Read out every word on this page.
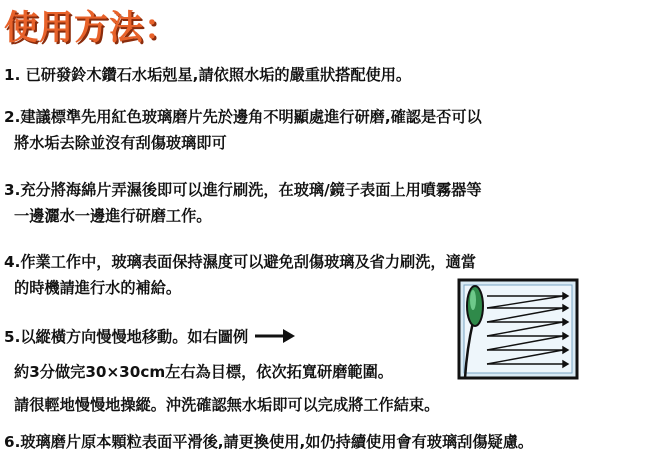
使用方法：
1. 已研發鈴木鑽石水垢剋星,請依照水垢的嚴重狀搭配使用。
2.建議標準先用紅色玻璃磨片先於邊角不明顯處進行研磨,確認是否可以
將水垢去除並沒有刮傷玻璃即可
3.充分將海綿片弄濕後即可以進行刷洗，在玻璃/鏡子表面上用噴霧器等
一邊灑水一邊進行研磨工作。
4.作業工作中，玻璃表面保持濕度可以避免刮傷玻璃及省力刷洗，適當
的時機請進行水的補給。
5.以縱橫方向慢慢地移動。如右圖例
約3分做完30×30cm左右為目標，依次拓寬研磨範圍。
請很輕地慢慢地操縱。沖洗確認無水垢即可以完成將工作結束。
6.玻璃磨片原本顆粒表面平滑後,請更換使用,如仍持續使用會有玻璃刮傷疑慮。
